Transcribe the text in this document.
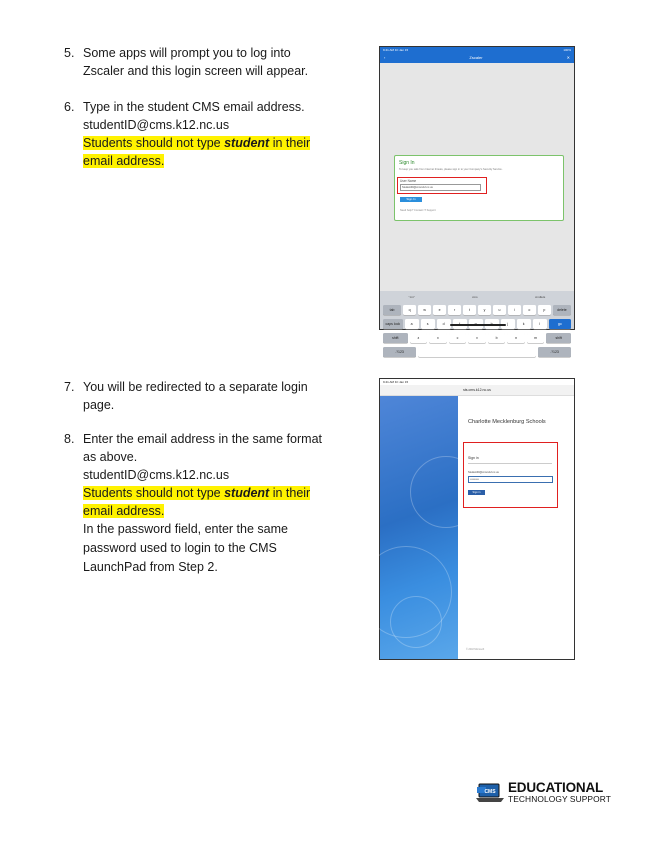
5. Some apps will prompt you to log into Zscaler and this login screen will appear.

6. Type in the student CMS email address.
studentID@cms.k12.nc.us
Students should not type student in their email address.
7. You will be redirected to a separate login page.
8. Enter the email address in the same format as above.
studentID@cms.k12.nc.us
Students should not type student in their email address.
In the password field, enter the same password used to login to the CMS LaunchPad from Step 2.
9:41 AM Fri Jan 15	100%
‹	Zscaler	✕
Sign In
To keep you safe from Internet threats, please sign in to your Company's Security Service.
User Name
StudentID@cms.k12.nc.us
Sign In
Need help? Contact IT Support
"cm"	cms	cmdlets
tab	q	w	e	r	t	y	u	i	o	p	delete
caps lock	a	s	d	j	k	l	go
shift	z	x	c	v	b	n	m	shift
.?123	.?123
9:41 AM Fri Jan 15
sts.cms.k12.nc.us
Charlotte Mecklenburg Schools
Sign in
StudentID@cms.k12.nc.us
••••••••••
Sign in
© 2018 Microsoft
CMS EDUCATIONAL
TECHNOLOGY SUPPORT
